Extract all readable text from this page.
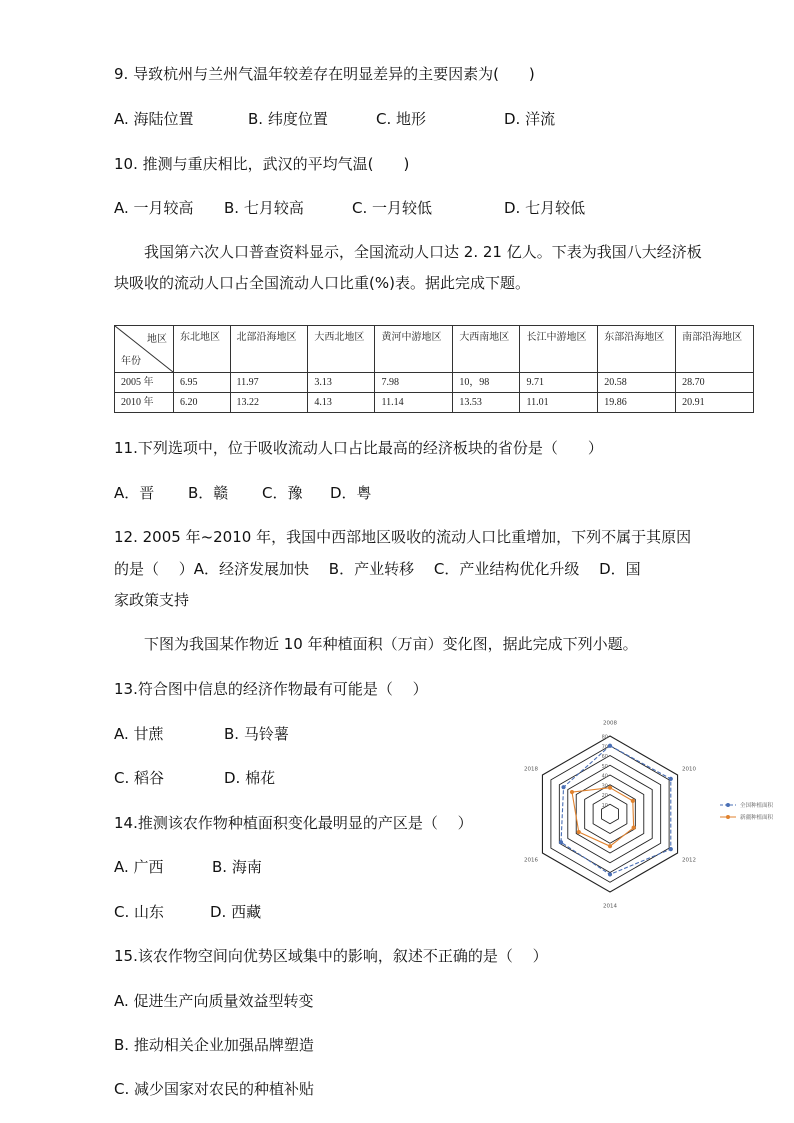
9. 导致杭州与兰州气温年较差存在明显差异的主要因素为(　　)
A. 海陆位置	B. 纬度位置	C. 地形	D. 洋流
10. 推测与重庆相比，武汉的平均气温(　　)
A. 一月较高 B. 七月较高	C. 一月较低	D. 七月较低
我国第六次人口普查资料显示，全国流动人口达 2. 21 亿人。下表为我国八大经济板块吸收的流动人口占全国流动人口比重(%)表。据此完成下题。
地区
年份	东北地区	北部沿海地区	大西北地区	黄河中游地区	大西南地区	长江中游地区	东部沿海地区	南部沿海地区
2005 年	6.95	11.97	3.13	7.98	10，98	9.71	20.58	28.70
2010 年	6.20	13.22	4.13	11.14	13.53	11.01	19.86	20.91
11.下列选项中，位于吸收流动人口占比最高的经济板块的省份是（　　）
A．晋 B．赣 C．豫 D．粤
12. 2005 年~2010 年，我国中西部地区吸收的流动人口比重增加，下列不属于其原因
的是（　 ）A．经济发展加快　 B．产业转移　 C．产业结构优化升级　 D．国
家政策支持
下图为我国某作物近 10 年种植面积（万亩）变化图，据此完成下列小题。
13.符合图中信息的经济作物最有可能是（　 ）
A. 甘蔗	B. 马铃薯
C. 稻谷	D. 棉花
14.推测该农作物种植面积变化最明显的产区是（　 ）
A. 广西	B. 海南
C. 山东	D. 西藏
15.该农作物空间向优势区域集中的影响，叙述不正确的是（　 ）
A. 促进生产向质量效益型转变
B. 推动相关企业加强品牌塑造
C. 减少国家对农民的种植补贴
10
20
30
40
50
60
70
80
2008
2010
2012
2014
2016
2018
全国种植面积
新疆种植面积
